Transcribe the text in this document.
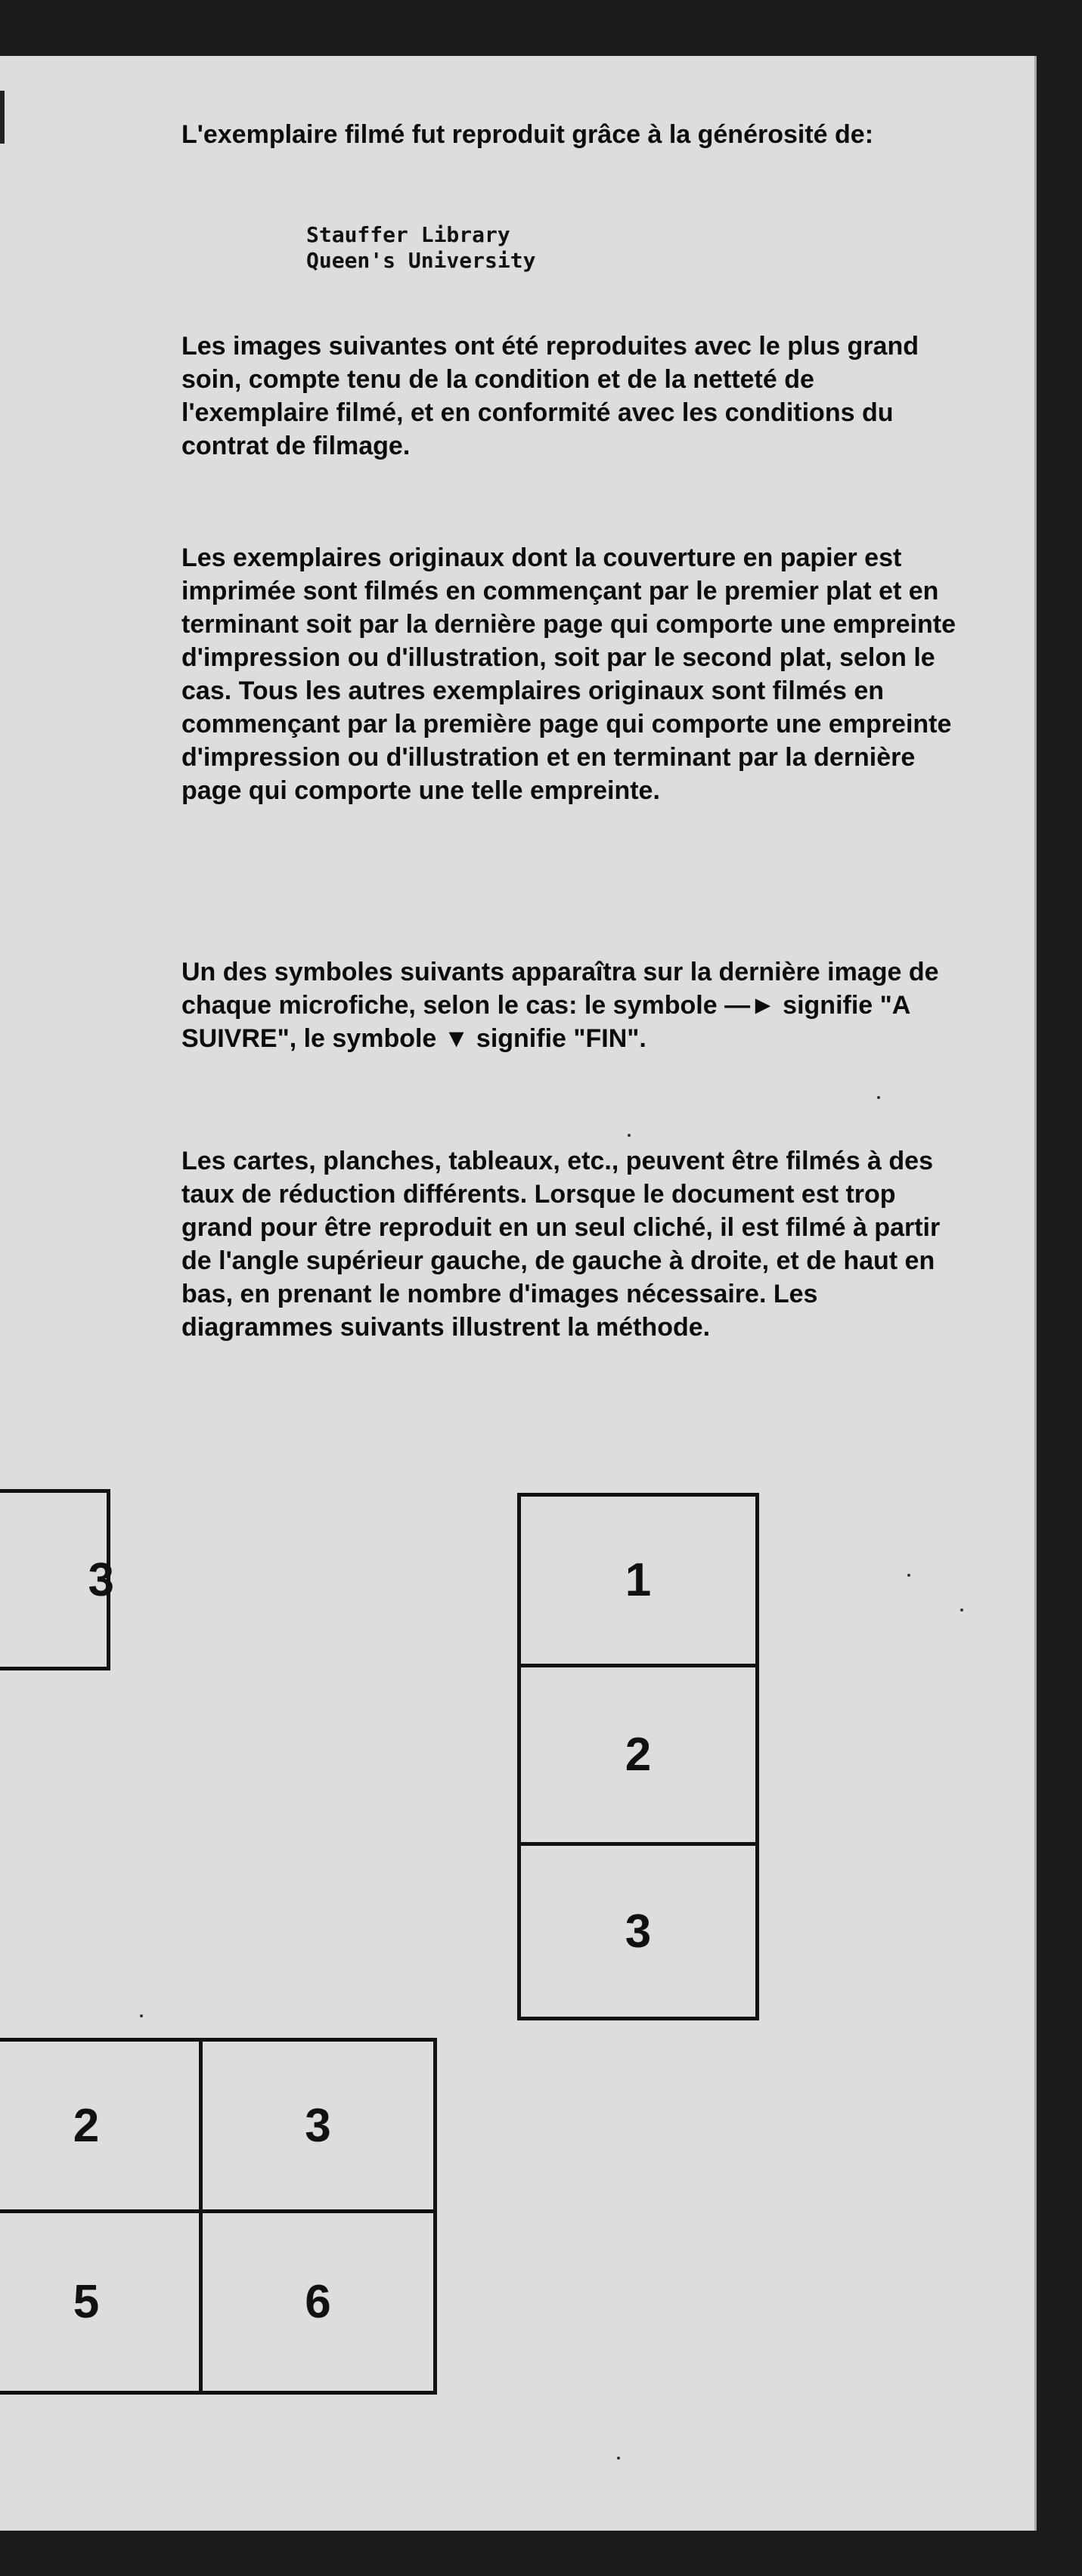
L'exemplaire filmé fut reproduit grâce à la générosité de:

Stauffer Library
Queen's University

Les images suivantes ont été reproduites avec le plus grand soin, compte tenu de la condition et de la netteté de l'exemplaire filmé, et en conformité avec les conditions du contrat de filmage.

Les exemplaires originaux dont la couverture en papier est imprimée sont filmés en commençant par le premier plat et en terminant soit par la dernière page qui comporte une empreinte d'impression ou d'illustration, soit par le second plat, selon le cas. Tous les autres exemplaires originaux sont filmés en commençant par la première page qui comporte une empreinte d'impression ou d'illustration et en terminant par la dernière page qui comporte une telle empreinte.

Un des symboles suivants apparaîtra sur la dernière image de chaque microfiche, selon le cas: le symbole —► signifie "A SUIVRE", le symbole ▼ signifie "FIN".

Les cartes, planches, tableaux, etc., peuvent être filmés à des taux de réduction différents. Lorsque le document est trop grand pour être reproduit en un seul cliché, il est filmé à partir de l'angle supérieur gauche, de gauche à droite, et de haut en bas, en prenant le nombre d'images nécessaire. Les diagrammes suivants illustrent la méthode.

3	1
2
3
2	3
5	6
